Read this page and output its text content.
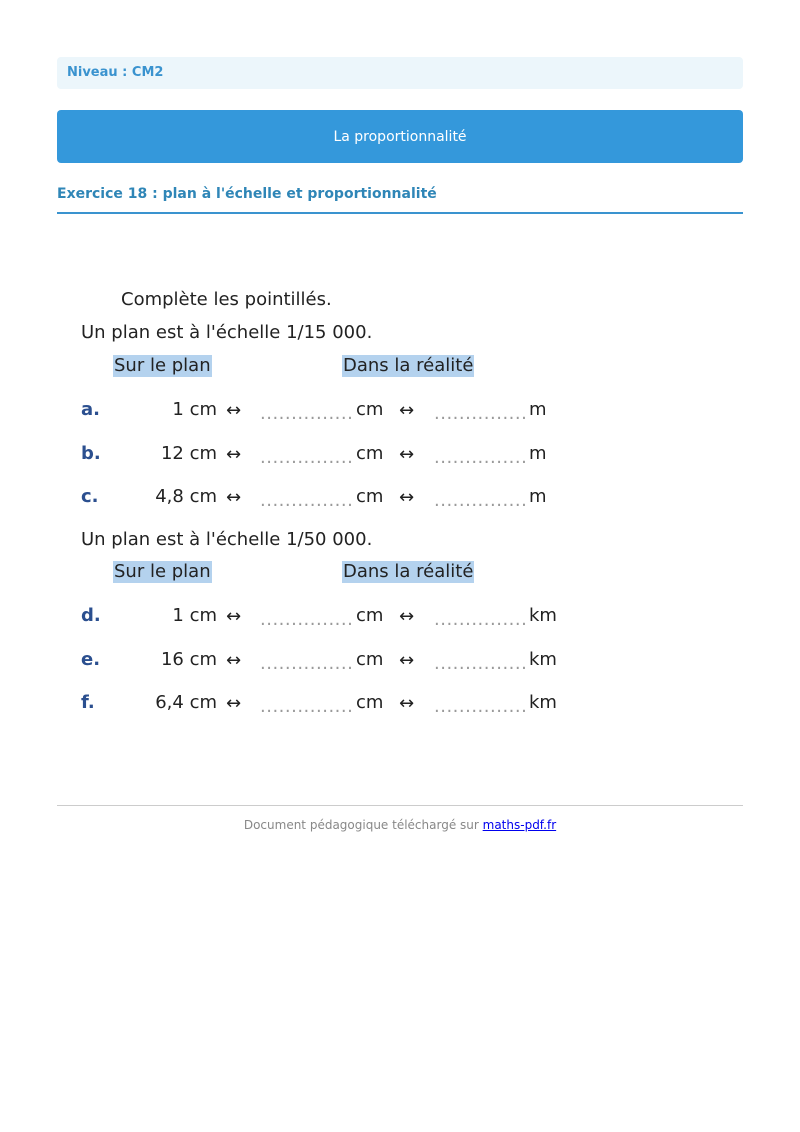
Niveau : CM2
La proportionnalité
Exercice 18 : plan à l'échelle et proportionnalité
Complète les pointillés.
Un plan est à l'échelle 1/15 000.
Sur le plan	Dans la réalité
a.	1 cm ↔ ............... cm ↔ ............... m
b.	12 cm ↔ ............... cm ↔ ............... m
c.	4,8 cm ↔ ............... cm ↔ ............... m
Un plan est à l'échelle 1/50 000.
Sur le plan	Dans la réalité
d.	1 cm ↔ ............... cm ↔ ............... km
e.	16 cm ↔ ............... cm ↔ ............... km
f.	6,4 cm ↔ ............... cm ↔ ............... km
Document pédagogique téléchargé sur maths-pdf.fr
